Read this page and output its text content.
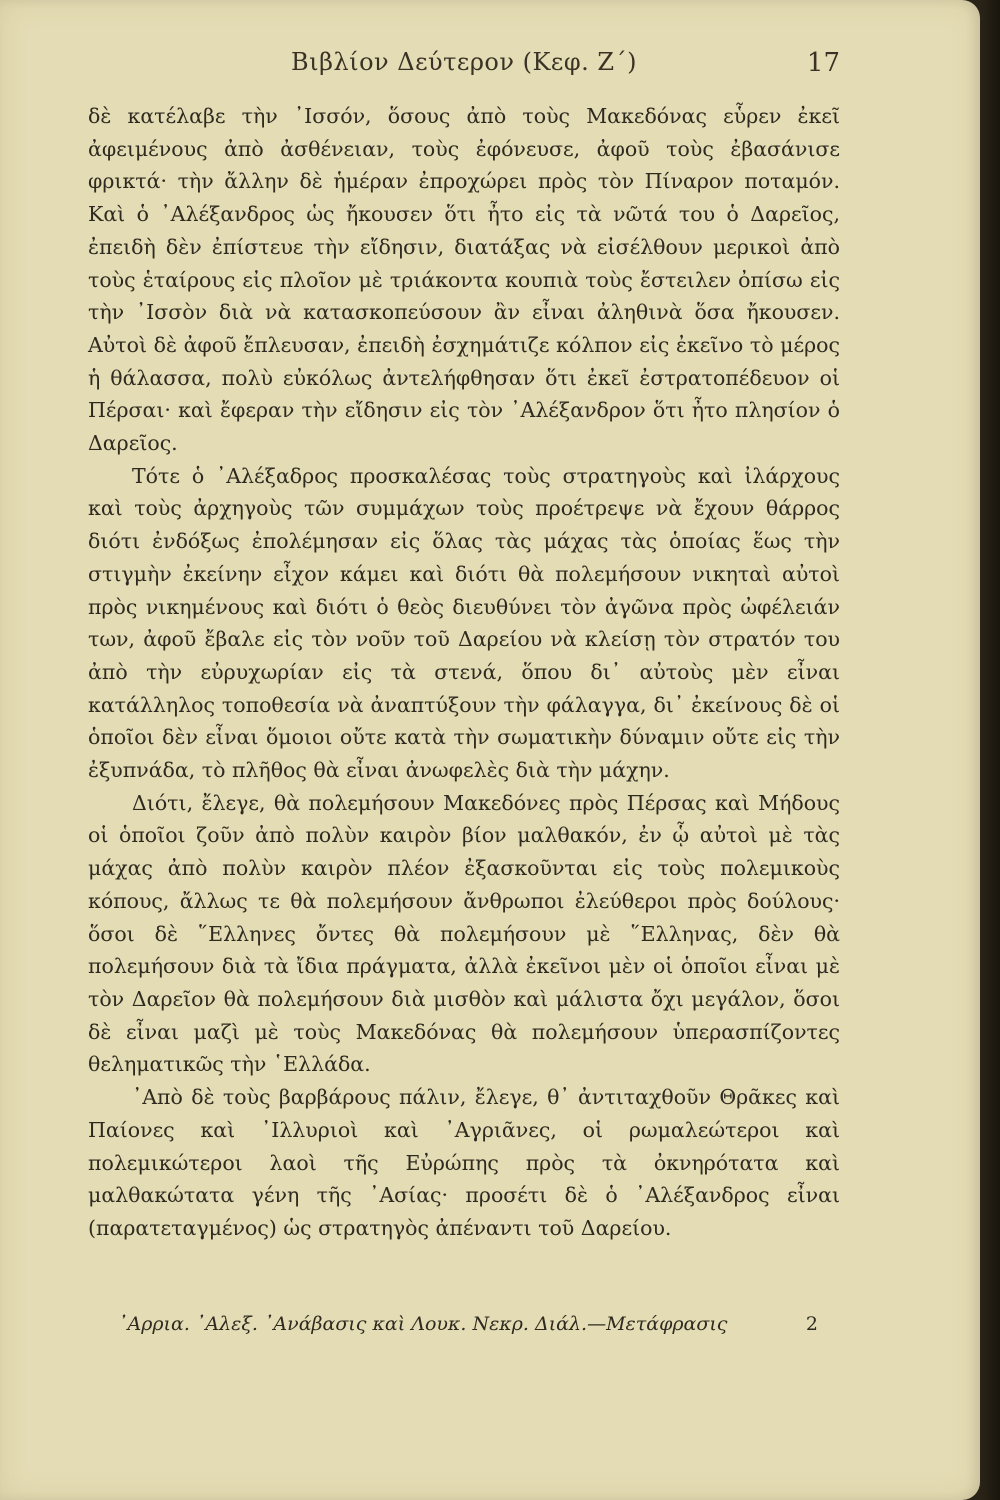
Βιβλίον Δεύτερον (Κεφ. Ζ΄)	17

δὲ κατέλαβε τὴν ᾿Ισσόν, ὅσους ἀπὸ τοὺς Μακεδόνας εὗρεν ἐκεῖ ἀφειμένους ἀπὸ ἀσθένειαν, τοὺς ἐφόνευσε, ἀφοῦ τοὺς ἐβασάνισε φρικτά· τὴν ἄλλην δὲ ἡμέραν ἐπροχώρει πρὸς τὸν Πίναρον ποταμόν. Καὶ ὁ ᾿Αλέξανδρος ὡς ἤκουσεν ὅτι ἦτο εἰς τὰ νῶτά του ὁ Δαρεῖος, ἐπειδὴ δὲν ἐπίστευε τὴν εἴδησιν, διατάξας νὰ εἰσέλθουν μερικοὶ ἀπὸ τοὺς ἑταίρους εἰς πλοῖον μὲ τριάκοντα κουπιὰ τοὺς ἔστειλεν ὀπίσω εἰς τὴν ᾿Ισσὸν διὰ νὰ κατασκοπεύσουν ἂν εἶναι ἀληθινὰ ὅσα ἤκουσεν. Αὐτοὶ δὲ ἀφοῦ ἔπλευσαν, ἐπειδὴ ἐσχημάτιζε κόλπον εἰς ἐκεῖνο τὸ μέρος ἡ θάλασσα, πολὺ εὐκόλως ἀντελήφθησαν ὅτι ἐκεῖ ἐστρατοπέδευον οἱ Πέρσαι· καὶ ἔφεραν τὴν εἴδησιν εἰς τὸν ᾿Αλέξανδρον ὅτι ἦτο πλησίον ὁ Δαρεῖος.

Τότε ὁ ᾿Αλέξαδρος προσκαλέσας τοὺς στρατηγοὺς καὶ ἰλάρχους καὶ τοὺς ἀρχηγοὺς τῶν συμμάχων τοὺς προέτρεψε νὰ ἔχουν θάρρος διότι ἐνδόξως ἐπολέμησαν εἰς ὅλας τὰς μάχας τὰς ὁποίας ἕως τὴν στιγμὴν ἐκείνην εἶχον κάμει καὶ διότι θὰ πολεμήσουν νικηταὶ αὐτοὶ πρὸς νικημένους καὶ διότι ὁ θεὸς διευθύνει τὸν ἀγῶνα πρὸς ὠφέλειάν των, ἀφοῦ ἔβαλε εἰς τὸν νοῦν τοῦ Δαρείου νὰ κλείσῃ τὸν στρατόν του ἀπὸ τὴν εὐρυχωρίαν εἰς τὰ στενά, ὅπου δι᾿ αὐτοὺς μὲν εἶναι κατάλληλος τοποθεσία νὰ ἀναπτύξουν τὴν φάλαγγα, δι᾿ ἐκείνους δὲ οἱ ὁποῖοι δὲν εἶναι ὅμοιοι οὔτε κατὰ τὴν σωματικὴν δύναμιν οὔτε εἰς τὴν ἐξυπνάδα, τὸ πλῆθος θὰ εἶναι ἀνωφελὲς διὰ τὴν μάχην.

Διότι, ἔλεγε, θὰ πολεμήσουν Μακεδόνες πρὸς Πέρσας καὶ Μήδους οἱ ὁποῖοι ζοῦν ἀπὸ πολὺν καιρὸν βίον μαλθακόν, ἐν ᾧ αὐτοὶ μὲ τὰς μάχας ἀπὸ πολὺν καιρὸν πλέον ἐξασκοῦνται εἰς τοὺς πολεμικοὺς κόπους, ἄλλως τε θὰ πολεμήσουν ἄνθρωποι ἐλεύθεροι πρὸς δούλους· ὅσοι δὲ ῞Ελληνες ὄντες θὰ πολεμήσουν μὲ ῞Ελληνας, δὲν θὰ πολεμήσουν διὰ τὰ ἴδια πράγματα, ἀλλὰ ἐκεῖνοι μὲν οἱ ὁποῖοι εἶναι μὲ τὸν Δαρεῖον θὰ πολεμήσουν διὰ μισθὸν καὶ μάλιστα ὄχι μεγάλον, ὅσοι δὲ εἶναι μαζὶ μὲ τοὺς Μακεδόνας θὰ πολεμήσουν ὑπερασπίζοντες θεληματικῶς τὴν ῾Ελλάδα.

᾿Απὸ δὲ τοὺς βαρβάρους πάλιν, ἔλεγε, θ᾿ ἀντιταχθοῦν Θρᾶκες καὶ Παίονες καὶ ᾿Ιλλυριοὶ καὶ ᾿Αγριᾶνες, οἱ ρωμαλεώτεροι καὶ πολεμικώτεροι λαοὶ τῆς Εὐρώπης πρὸς τὰ ὀκνηρότατα καὶ μαλθακώτατα γένη τῆς ᾿Ασίας· προσέτι δὲ ὁ ᾿Αλέξανδρος εἶναι (παρατεταγμένος) ὡς στρατηγὸς ἀπέναντι τοῦ Δαρείου.

᾿Αρρια. ᾿Αλεξ. ᾿Ανάβασις καὶ Λουκ. Νεκρ. Διάλ.—Μετάφρασις	2
